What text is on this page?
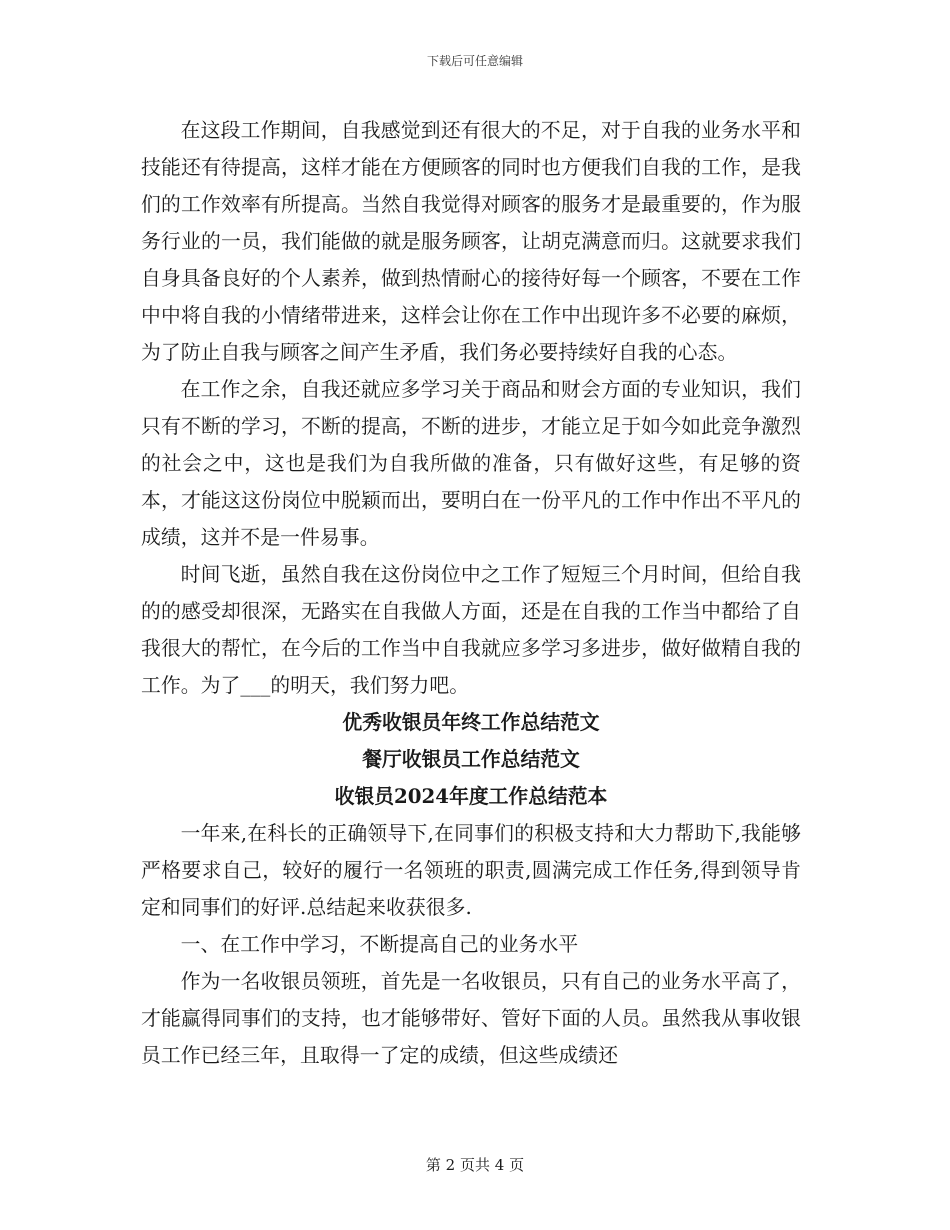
下载后可任意编辑

在这段工作期间，自我感觉到还有很大的不足，对于自我的业务水平和技能还有待提高，这样才能在方便顾客的同时也方便我们自我的工作，是我们的工作效率有所提高。当然自我觉得对顾客的服务才是最重要的，作为服务行业的一员，我们能做的就是服务顾客，让胡克满意而归。这就要求我们自身具备良好的个人素养，做到热情耐心的接待好每一个顾客，不要在工作中中将自我的小情绪带进来，这样会让你在工作中出现许多不必要的麻烦，为了防止自我与顾客之间产生矛盾，我们务必要持续好自我的心态。

在工作之余，自我还就应多学习关于商品和财会方面的专业知识，我们只有不断的学习，不断的提高，不断的进步，才能立足于如今如此竞争激烈的社会之中，这也是我们为自我所做的准备，只有做好这些，有足够的资本，才能这这份岗位中脱颖而出，要明白在一份平凡的工作中作出不平凡的成绩，这并不是一件易事。

时间飞逝，虽然自我在这份岗位中之工作了短短三个月时间，但给自我的的感受却很深，无路实在自我做人方面，还是在自我的工作当中都给了自我很大的帮忙，在今后的工作当中自我就应多学习多进步，做好做精自我的工作。为了___的明天，我们努力吧。

优秀收银员年终工作总结范文

餐厅收银员工作总结范文

收银员2024年度工作总结范本

一年来,在科长的正确领导下,在同事们的积极支持和大力帮助下,我能够严格要求自己，较好的履行一名领班的职责,圆满完成工作任务,得到领导肯定和同事们的好评.总结起来收获很多.

一、在工作中学习，不断提高自己的业务水平

作为一名收银员领班，首先是一名收银员，只有自己的业务水平高了，才能赢得同事们的支持，也才能够带好、管好下面的人员。虽然我从事收银员工作已经三年，且取得一了定的成绩，但这些成绩还

第 2 页共 4 页
